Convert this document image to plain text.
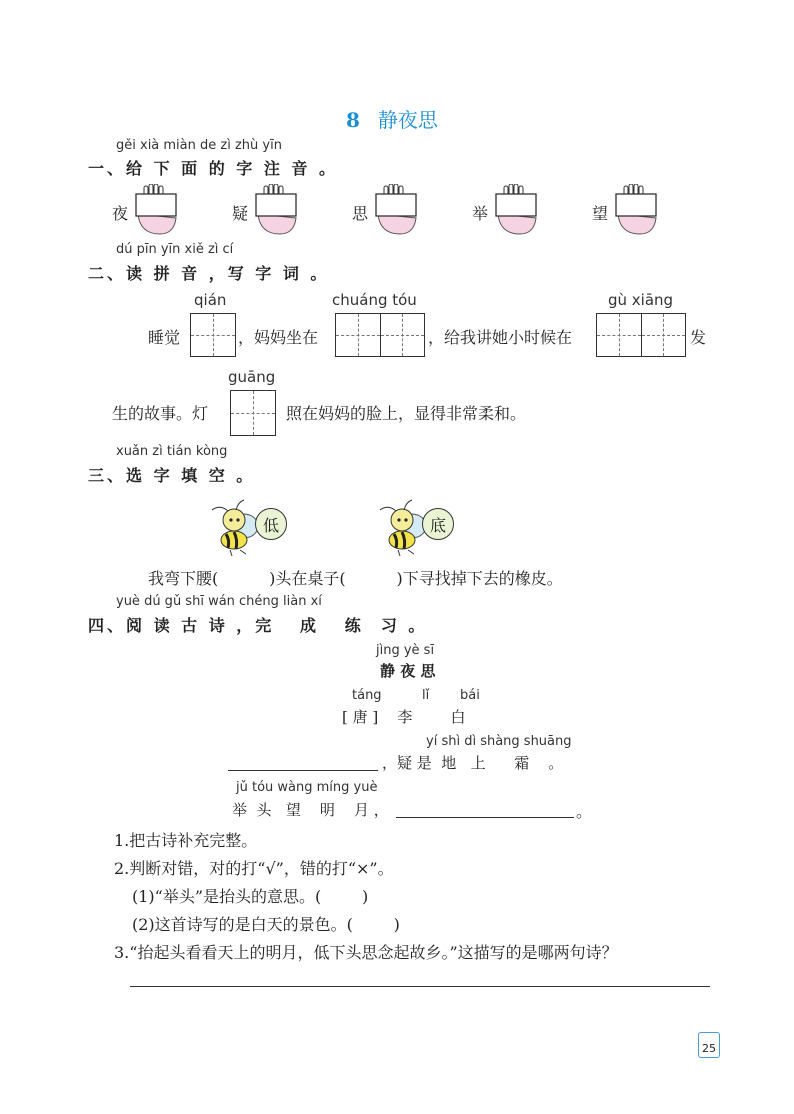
8 静夜思
gěi xià miàn de zì zhù yīn
一、给 下 面 的 字 注 音 。
夜	疑	思	举	望
dú pīn yīn xiě zì cí
二、读 拼 音 ，写 字 词 。
qián	chuáng tóu	gù xiāng
睡觉	，妈妈坐在	，给我讲她小时候在	发
guāng
生的故事。灯	照在妈妈的脸上，显得非常柔和。
xuǎn zì tián kòng
三、选 字 填 空 。
低	底
我弯下腰(          )头在桌子(          )下寻找掉下去的橡皮。
yuè dú gǔ shī wán chéng liàn xí
四、阅 读 古 诗 ，完   成   练  习 。
jìng yè sī
静 夜 思
táng	lǐ bái
[ 唐 ]    李        白
yí shì dì shàng shuāng
，疑 是  地   上      霜    。
jǔ tóu wàng míng yuè
举  头   望    明    月 ，	。
1.把古诗补充完整。
2.判断对错，对的打“√”，错的打“×”。
(1)“举头”是抬头的意思。(        )
(2)这首诗写的是白天的景色。(        )
3.“抬起头看看天上的明月，低下头思念起故乡。”这描写的是哪两句诗？
25
